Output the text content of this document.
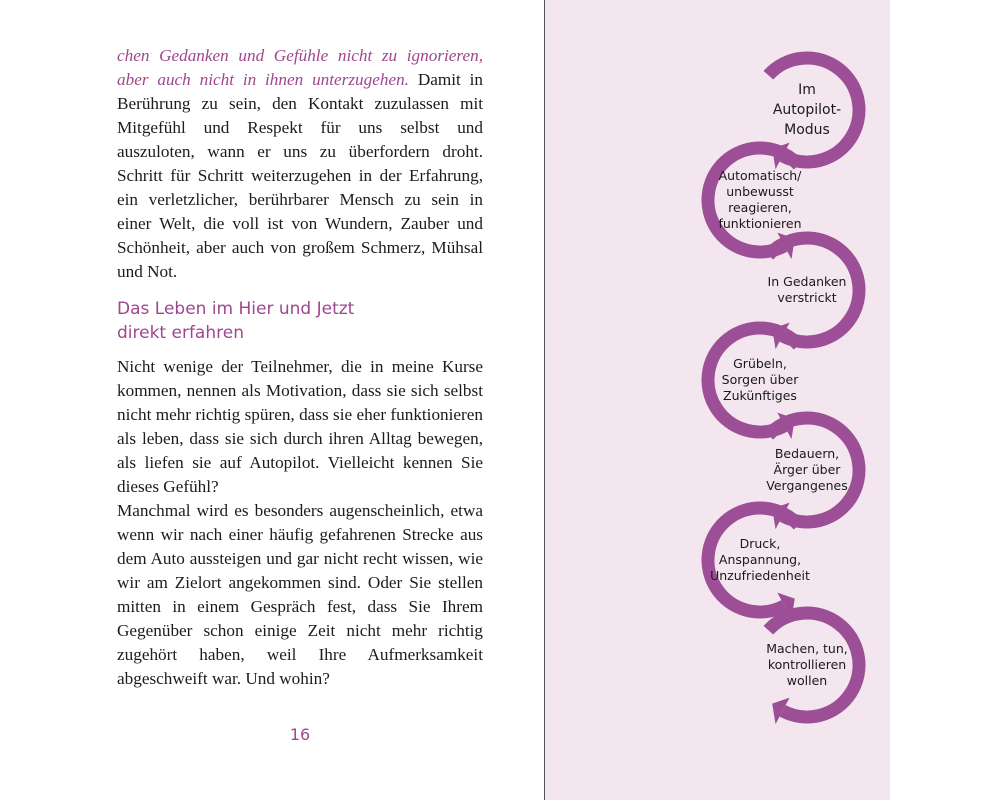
chen Gedanken und Gefühle nicht zu ignorieren, aber auch nicht in ihnen unterzugehen. Damit in Berührung zu sein, den Kontakt zuzulassen mit Mitgefühl und Respekt für uns selbst und auszuloten, wann er uns zu überfordern droht. Schritt für Schritt weiterzugehen in der Erfahrung, ein verletzlicher, berührbarer Mensch zu sein in einer Welt, die voll ist von Wundern, Zauber und Schönheit, aber auch von großem Schmerz, Mühsal und Not.

Das Leben im Hier und Jetzt
direkt erfahren

Nicht wenige der Teilnehmer, die in meine Kurse kommen, nennen als Motivation, dass sie sich selbst nicht mehr richtig spüren, dass sie eher funktionieren als leben, dass sie sich durch ihren Alltag bewegen, als liefen sie auf Autopilot. Vielleicht kennen Sie dieses Gefühl?

Manchmal wird es besonders augenscheinlich, etwa wenn wir nach einer häufig gefahrenen Strecke aus dem Auto aussteigen und gar nicht recht wissen, wie wir am Zielort angekommen sind. Oder Sie stellen mitten in einem Gespräch fest, dass Sie Ihrem Gegenüber schon einige Zeit nicht mehr richtig zugehört haben, weil Ihre Aufmerksamkeit abgeschweift war. Und wohin?

16
Im
Autopilot-
Modus
Automatisch/
unbewusst
reagieren,
funktionieren
In Gedanken
verstrickt
Grübeln,
Sorgen über
Zukünftiges
Bedauern,
Ärger über
Vergangenes
Druck,
Anspannung,
Unzufriedenheit
Machen, tun,
kontrollieren
wollen
